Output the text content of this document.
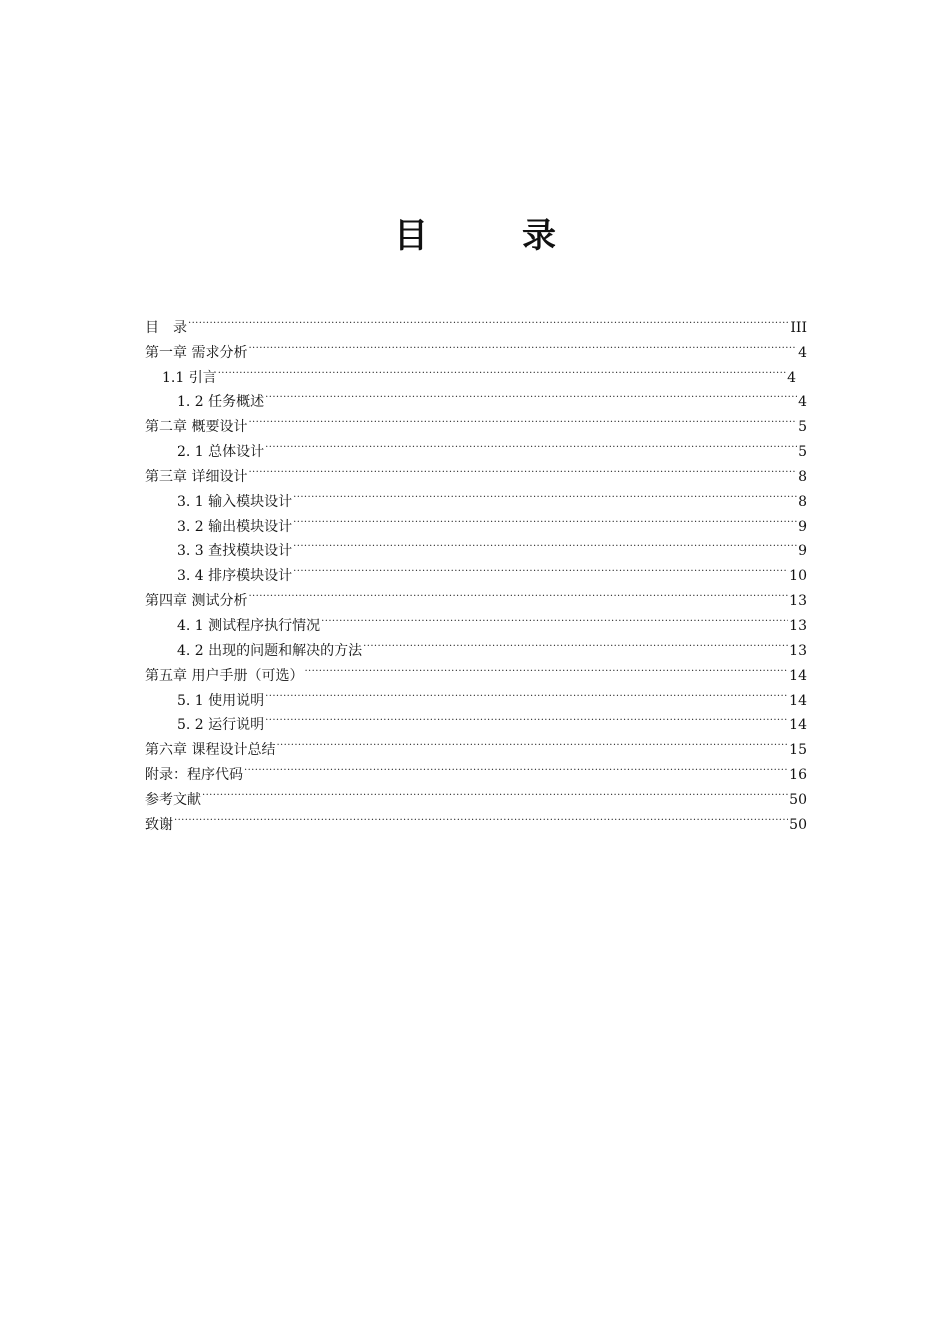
目　录
目　录 .....	III
第一章 需求分析 .....	4
1.1 引言 .....	4
1. 2 任务概述 .....	4
第二章 概要设计 .....	5
2. 1 总体设计 .....	5
第三章 详细设计 .....	8
3. 1 输入模块设计 .....	8
3. 2 输出模块设计 .....	9
3. 3 查找模块设计 .....	9
3. 4 排序模块设计 .....	10
第四章 测试分析 .....	13
4. 1 测试程序执行情况 .....	13
4. 2 出现的问题和解决的方法 .....	13
第五章 用户手册（可选） .....	14
5. 1 使用说明 .....	14
5. 2 运行说明 .....	14
第六章 课程设计总结 .....	15
附录：程序代码 .....	16
参考文献 .....	50
致谢 .....	50
